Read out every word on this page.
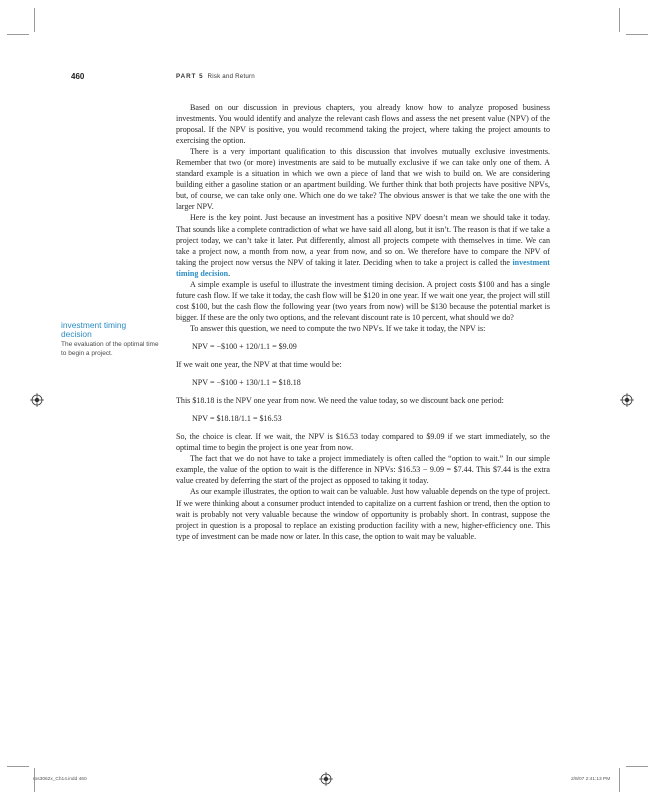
460	PART 5 Risk and Return

investment timing decision

The evaluation of the optimal time to begin a project.

Based on our discussion in previous chapters, you already know how to analyze proposed business investments. You would identify and analyze the relevant cash flows and assess the net present value (NPV) of the proposal. If the NPV is positive, you would recommend taking the project, where taking the project amounts to exercising the option.

There is a very important qualification to this discussion that involves mutually exclusive investments. Remember that two (or more) investments are said to be mutually exclusive if we can take only one of them. A standard example is a situation in which we own a piece of land that we wish to build on. We are considering building either a gasoline station or an apartment building. We further think that both projects have positive NPVs, but, of course, we can take only one. Which one do we take? The obvious answer is that we take the one with the larger NPV.

Here is the key point. Just because an investment has a positive NPV doesn’t mean we should take it today. That sounds like a complete contradiction of what we have said all along, but it isn’t. The reason is that if we take a project today, we can’t take it later. Put differently, almost all projects compete with themselves in time. We can take a project now, a month from now, a year from now, and so on. We therefore have to compare the NPV of taking the project now versus the NPV of taking it later. Deciding when to take a project is called the investment timing decision.

A simple example is useful to illustrate the investment timing decision. A project costs $100 and has a single future cash flow. If we take it today, the cash flow will be $120 in one year. If we wait one year, the project will still cost $100, but the cash flow the following year (two years from now) will be $130 because the potential market is bigger. If these are the only two options, and the relevant discount rate is 10 percent, what should we do?

To answer this question, we need to compute the two NPVs. If we take it today, the NPV is:

NPV = −$100 + 120/1.1 = $9.09

If we wait one year, the NPV at that time would be:

NPV = −$100 + 130/1.1 = $18.18

This $18.18 is the NPV one year from now. We need the value today, so we discount back one period:

NPV = $18.18/1.1 = $16.53

So, the choice is clear. If we wait, the NPV is $16.53 today compared to $9.09 if we start immediately, so the optimal time to begin the project is one year from now.

The fact that we do not have to take a project immediately is often called the “option to wait.” In our simple example, the value of the option to wait is the difference in NPVs: $16.53 − 9.09 = $7.44. This $7.44 is the extra value created by deferring the start of the project as opposed to taking it today.

As our example illustrates, the option to wait can be valuable. Just how valuable depends on the type of project. If we were thinking about a consumer product intended to capitalize on a current fashion or trend, then the option to wait is probably not very valuable because the window of opportunity is probably short. In contrast, suppose the project in question is a proposal to replace an existing production facility with a new, higher-efficiency one. This type of investment can be made now or later. In this case, the option to wait may be valuable.

ros3062x_Ch14.indd 460	2/8/07 2:41:13 PM
